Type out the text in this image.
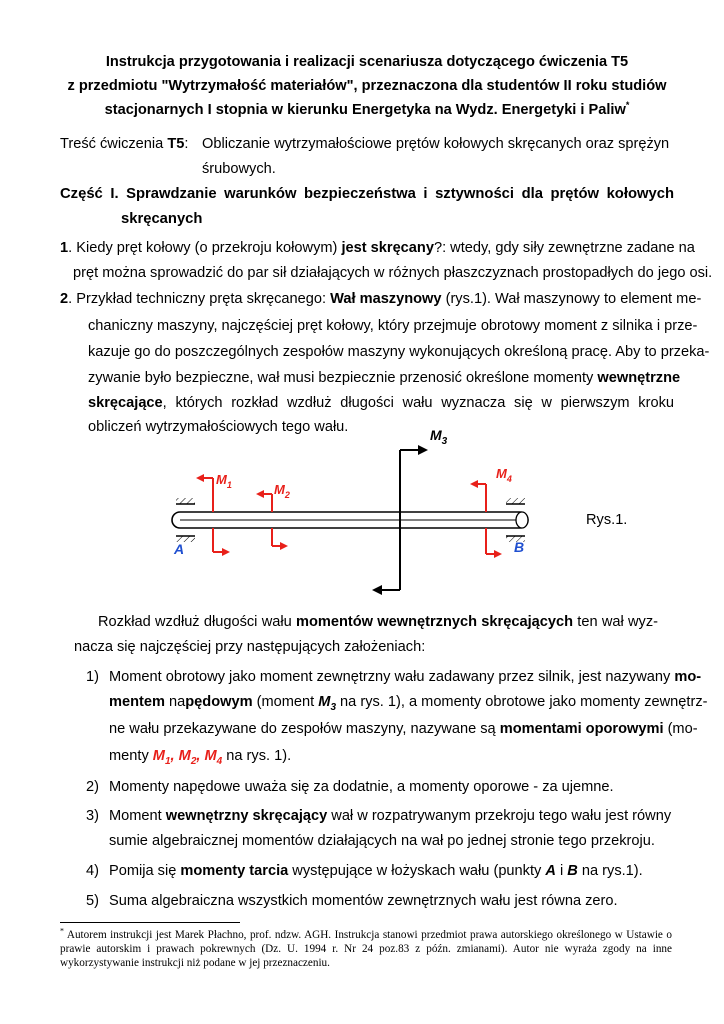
Instrukcja przygotowania i realizacji scenariusza dotyczącego ćwiczenia T5
z przedmiotu "Wytrzymałość materiałów", przeznaczona dla studentów II roku studiów
stacjonarnych I stopnia w kierunku Energetyka na Wydz. Energetyki i Paliw*
Treść ćwiczenia T5: Obliczanie wytrzymałościowe prętów kołowych skręcanych oraz sprężyn
śrubowych.
Część I. Sprawdzanie warunków bezpieczeństwa i sztywności dla prętów kołowych
skręcanych
1. Kiedy pręt kołowy (o przekroju kołowym) jest skręcany?: wtedy, gdy siły zewnętrzne zadane na
pręt można sprowadzić do par sił działających w różnych płaszczyznach prostopadłych do jego osi.
2. Przykład techniczny pręta skręcanego: Wał maszynowy (rys.1). Wał maszynowy to element me-
chaniczny maszyny, najczęściej pręt kołowy, który przejmuje obrotowy moment z silnika i prze-
kazuje go do poszczególnych zespołów maszyny wykonujących określoną pracę. Aby to przeka-
zywanie było bezpieczne, wał musi bezpiecznie przenosić określone momenty wewnętrzne
skręcające, których rozkład wzdłuż długości wału wyznacza się w pierwszym kroku
obliczeń wytrzymałościowych tego wału.	$M_3$
$M_1$	$M_2$
$M_4$
A	B
Rys.1.
Rozkład wzdłuż długości wału momentów wewnętrznych skręcających ten wał wyz-
nacza się najczęściej przy następujących założeniach:
1) Moment obrotowy jako moment zewnętrzny wału zadawany przez silnik, jest nazywany mo-
mentem napędowym (moment $M_3$ na rys. 1), a momenty obrotowe jako momenty zewnętrz-
ne wału przekazywane do zespołów maszyny, nazywane są momentami oporowymi (mo-
menty $M_1$, $M_2$, $M_4$ na rys. 1).
2) Momenty napędowe uważa się za dodatnie, a momenty oporowe - za ujemne.
3) Moment wewnętrzny skręcający wał w rozpatrywanym przekroju tego wału jest równy
sumie algebraicznej momentów działających na wał po jednej stronie tego przekroju.
4) Pomija się momenty tarcia występujące w łożyskach wału (punkty A i B na rys.1).
5) Suma algebraiczna wszystkich momentów zewnętrznych wału jest równa zero.
* Autorem instrukcji jest Marek Płachno, prof. ndzw. AGH. Instrukcja stanowi przedmiot prawa autorskiego określonego w Ustawie o prawie autorskim i prawach pokrewnych (Dz. U. 1994 r. Nr 24 poz.83 z późn. zmianami). Autor nie wyraża zgody na inne wykorzystywanie instrukcji niż podane w jej przeznaczeniu.
